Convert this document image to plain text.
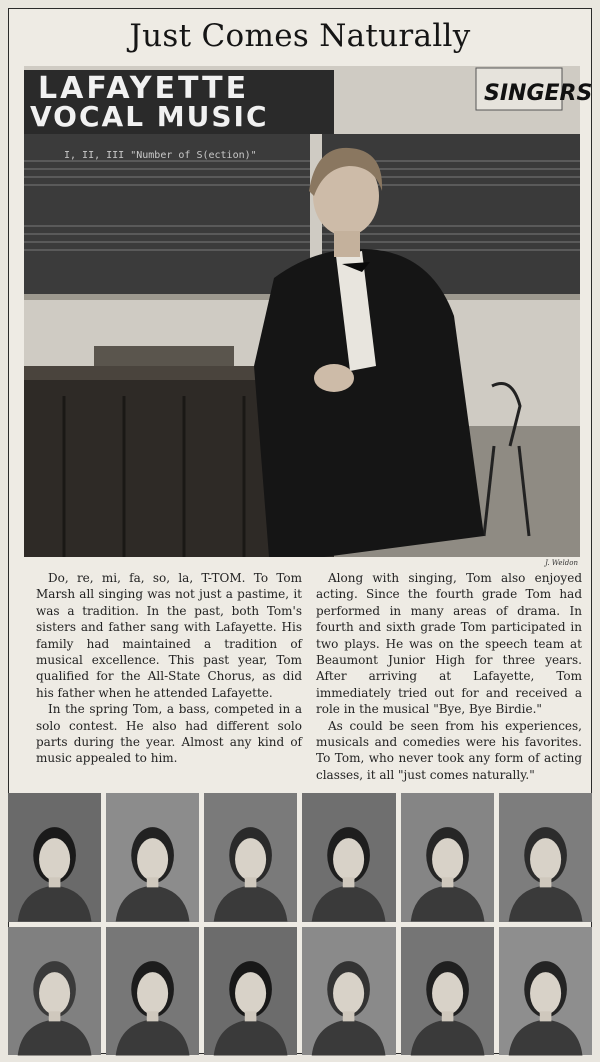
Just Comes Naturally
LAFAYETTE
VOCAL MUSIC
SINGERS
I, II, III "Number of S(ection)"
J. Weldon

Do, re, mi, fa, so, la, T-TOM. To Tom Marsh all singing was not just a pastime, it was a tradition. In the past, both Tom's sisters and father sang with Lafayette. His family had maintained a tradition of musical excellence. This past year, Tom qualified for the All-State Chorus, as did his father when he attended Lafayette.

In the spring Tom, a bass, competed in a solo contest. He also had different solo parts during the year. Almost any kind of music appealed to him.

Along with singing, Tom also enjoyed acting. Since the fourth grade Tom had performed in many areas of drama. In fourth and sixth grade Tom participated in two plays. He was on the speech team at Beaumont Junior High for three years. After arriving at Lafayette, Tom immediately tried out for and received a role in the musical "Bye, Bye Birdie."

As could be seen from his experiences, musicals and comedies were his favorites. To Tom, who never took any form of acting classes, it all "just comes naturally."
